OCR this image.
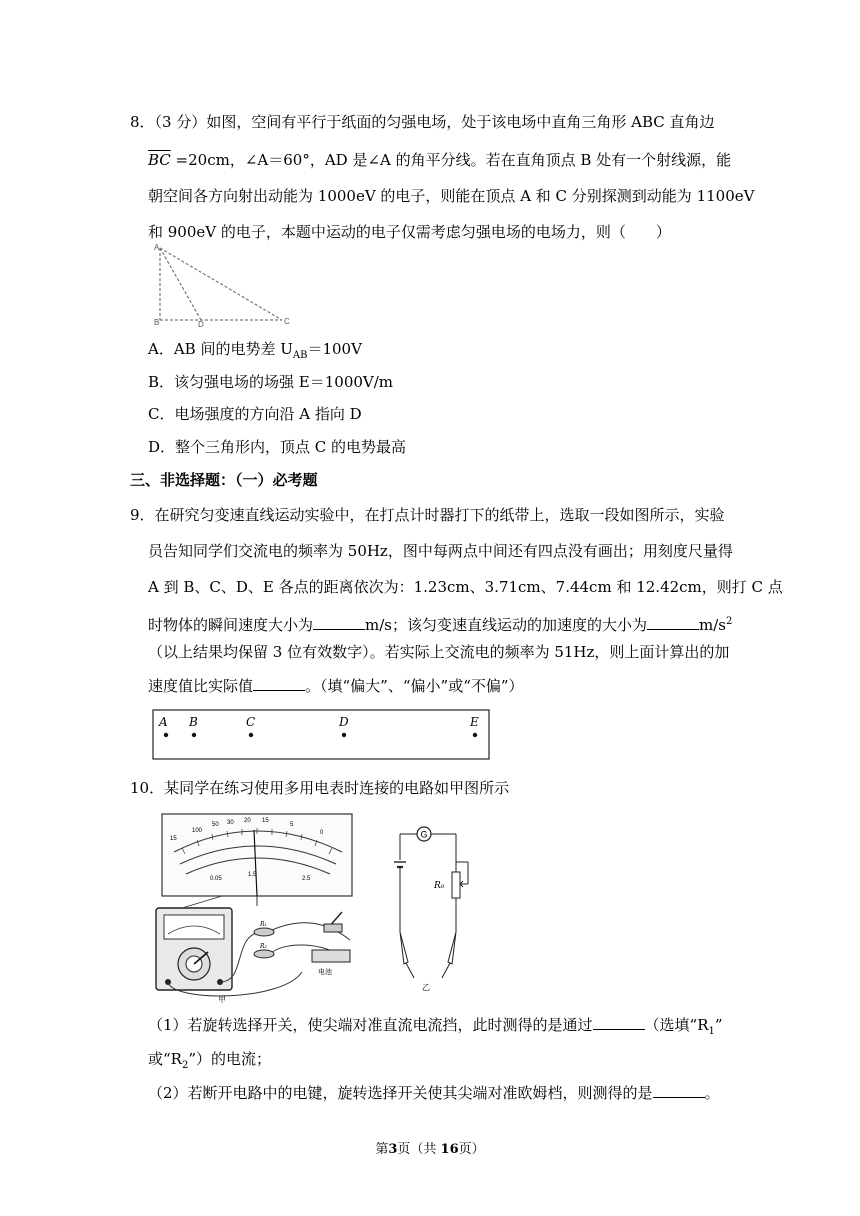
8．（3 分）如图，空间有平行于纸面的匀强电场，处于该电场中直角三角形 ABC 直角边
$\overline{BC} =20cm$，∠A＝60°，AD 是∠A 的角平分线。若在直角顶点 B 处有一个射线源，能
朝空间各方向射出动能为 1000eV 的电子，则能在顶点 A 和 C 分别探测到动能为 1100eV
和 900eV 的电子，本题中运动的电子仅需考虑匀强电场的电场力，则（　　）
A
B	D	C
A．AB 间的电势差 $U_{AB}=100V$
B．该匀强电场的场强 E＝1000V/m
C．电场强度的方向沿 A 指向 D
D．整个三角形内，顶点 C 的电势最高
三、非选择题：（一）必考题
9．在研究匀变速直线运动实验中，在打点计时器打下的纸带上，选取一段如图所示，实验
员告知同学们交流电的频率为 50Hz，图中每两点中间还有四点没有画出；用刻度尺量得
A 到 B、C、D、E 各点的距离依次为：1.23cm、3.71cm、7.44cm 和 12.42cm，则打 C 点
时物体的瞬间速度大小为	m/s；该匀变速直线运动的加速度的大小为	$m/s^2$
（以上结果均保留 3 位有效数字）。若实际上交流电的频率为 51Hz，则上面计算出的加
速度值比实际值	。（填“偏大”、“偏小”或“不偏”）
A B	C	D	E
10．某同学在练习使用多用电表时连接的电路如甲图所示
15
100
50 30 20 15
5
0
0.05
1.5
2.5
R₁
R₂
电池
甲
G
R₀
乙
（1）若旋转选择开关，使尖端对准直流电流挡，此时测得的是通过	（选填“$R_1$”
或“$R_2$”）的电流；
（2）若断开电路中的电键，旋转选择开关使其尖端对准欧姆档，则测得的是	。
第3页（共 16页）
